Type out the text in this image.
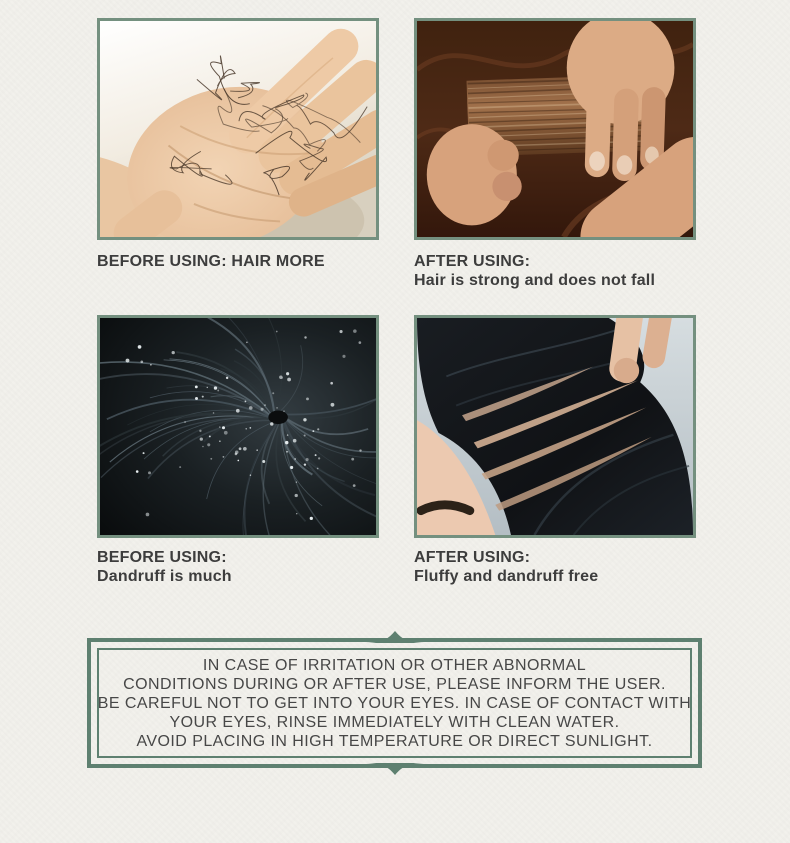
BEFORE USING: HAIR MORE	AFTER USING:
Hair is strong and does not fall
BEFORE USING:
Dandruff is much
AFTER USING:
Fluffy and dandruff free
IN CASE OF IRRITATION OR OTHER ABNORMAL
CONDITIONS DURING OR AFTER USE, PLEASE INFORM THE USER.
BE CAREFUL NOT TO GET INTO YOUR EYES. IN CASE OF CONTACT WITH
YOUR EYES, RINSE IMMEDIATELY WITH CLEAN WATER.
AVOID PLACING IN HIGH TEMPERATURE OR DIRECT SUNLIGHT.
